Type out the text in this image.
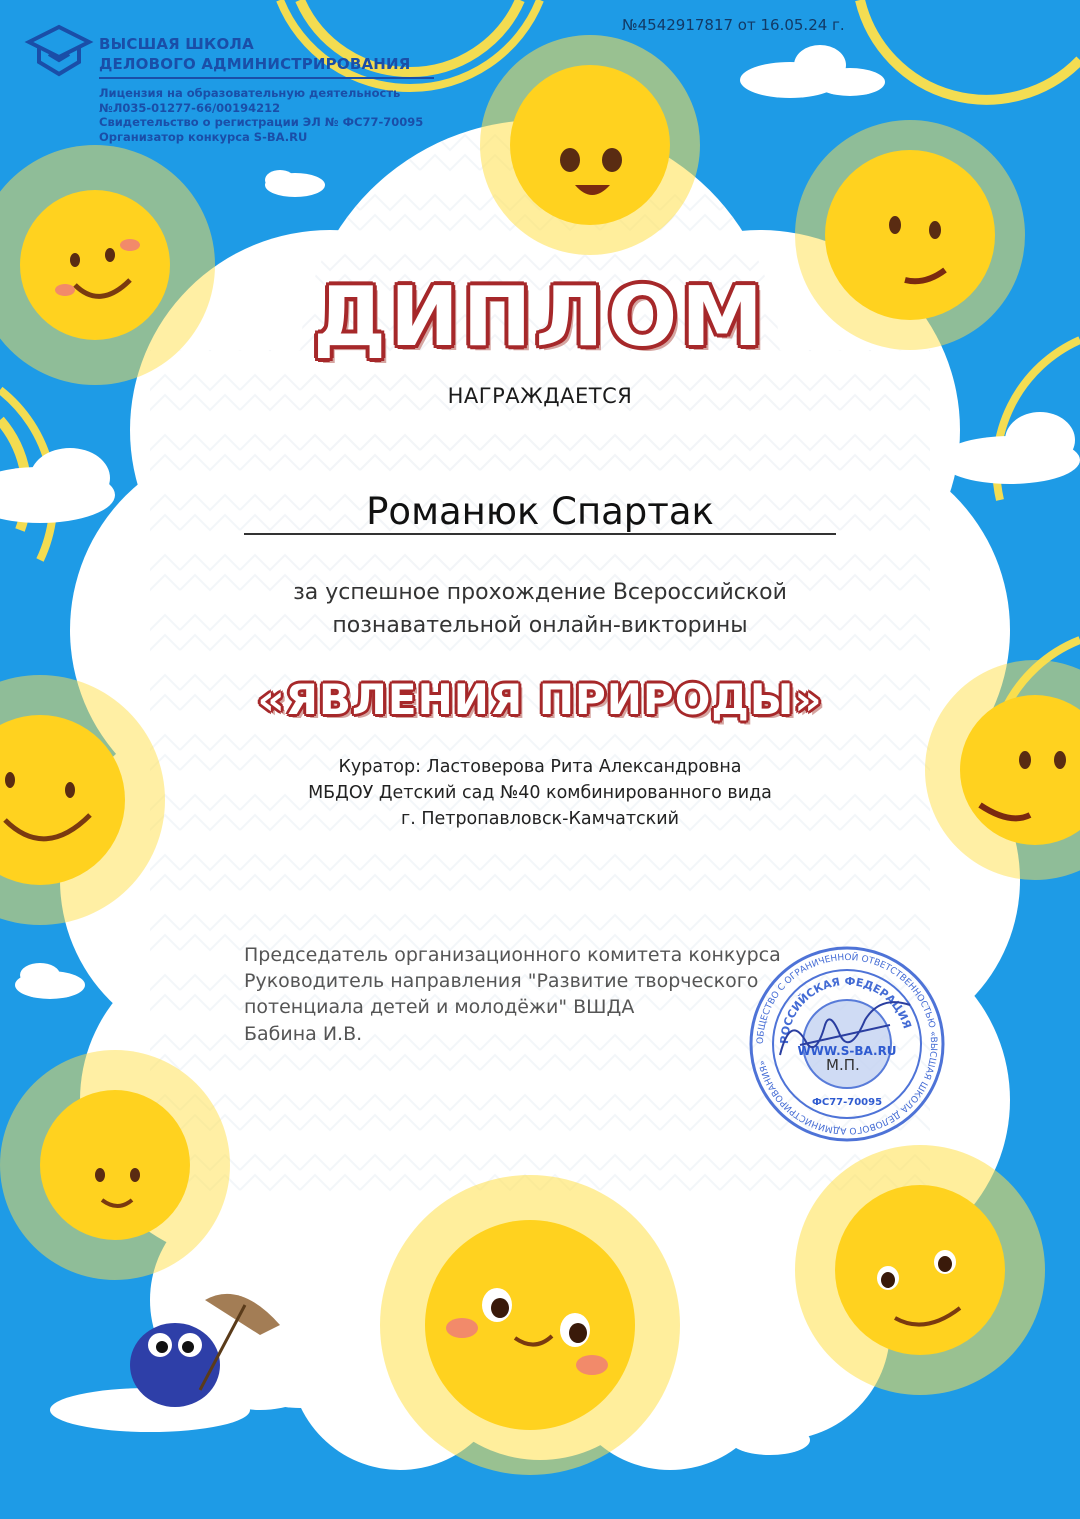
ВЫСШАЯ ШКОЛА
ДЕЛОВОГО АДМИНИСТРИРОВАНИЯ
Лицензия на образовательную деятельность
№Л035-01277-66/00194212
Свидетельство о регистрации ЭЛ № ФС77-70095
Организатор конкурса S-BA.RU
№4542917817 от 16.05.24 г.
ДИПЛОМ
НАГРАЖДАЕТСЯ
Романюк Спартак
за успешное прохождение Всероссийской
познавательной онлайн-викторины
«ЯВЛЕНИЯ ПРИРОДЫ»
Куратор: Ластоверова Рита Александровна
МБДОУ Детский сад №40 комбинированного вида
г. Петропавловск-Камчатский
Председатель организационного комитета конкурса
Руководитель направления "Развитие творческого
потенциала детей и молодёжи" ВШДА
Бабина И.В.	ОБЩЕСТВО С ОГРАНИЧЕННОЙ ОТВЕТСТВЕННОСТЬЮ «ВЫСШАЯ ШКОЛА ДЕЛОВОГО АДМИНИСТРИРОВАНИЯ»
РОССИЙСКАЯ ФЕДЕРАЦИЯ
WWW.S-BA.RU
ФС77-70095
М.П.
